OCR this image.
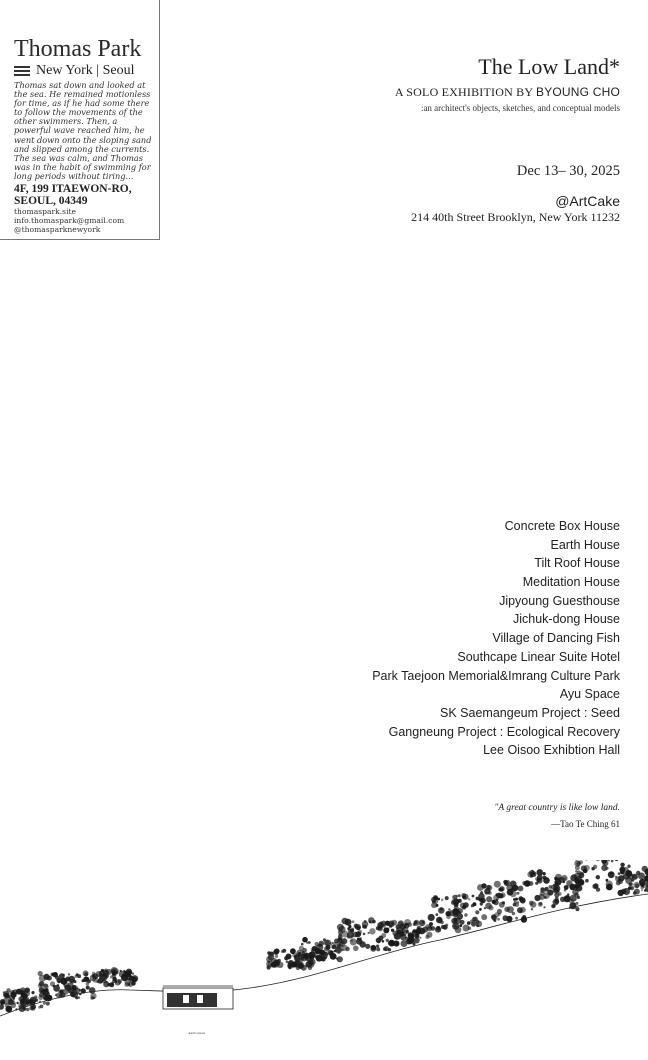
Thomas Park
New York | Seoul
Thomas sat down and looked at the sea. He remained motionless for time, as if he had some there to follow the movements of the other swimmers. Then, a powerful wave reached him, he went down onto the sloping sand and slipped among the currents. The sea was calm, and Thomas was in the habit of swimming for long periods without tiring...
4F, 199 ITAEWON-RO, SEOUL, 04349
thomaspark.site
info.thomaspark@gmail.com
@thomasparknewyork
The Low Land*
A SOLO EXHIBITION BY BYOUNG CHO
:an architect's objects, sketches, and conceptual models
Dec 13– 30, 2025
@ArtCake
214 40th Street Brooklyn, New York 11232
Concrete Box House
Earth House
Tilt Roof House
Meditation House
Jipyoung Guesthouse
Jichuk-dong House
Village of Dancing Fish
Southcape Linear Suite Hotel
Park Taejoon Memorial&Imrang Culture Park
Ayu Space
SK Saemangeum Project : Seed
Gangneung Project : Ecological Recovery
Lee Oisoo Exhibtion Hall
"A great country is like low land.
—Tao Te Ching 61
Earth House
